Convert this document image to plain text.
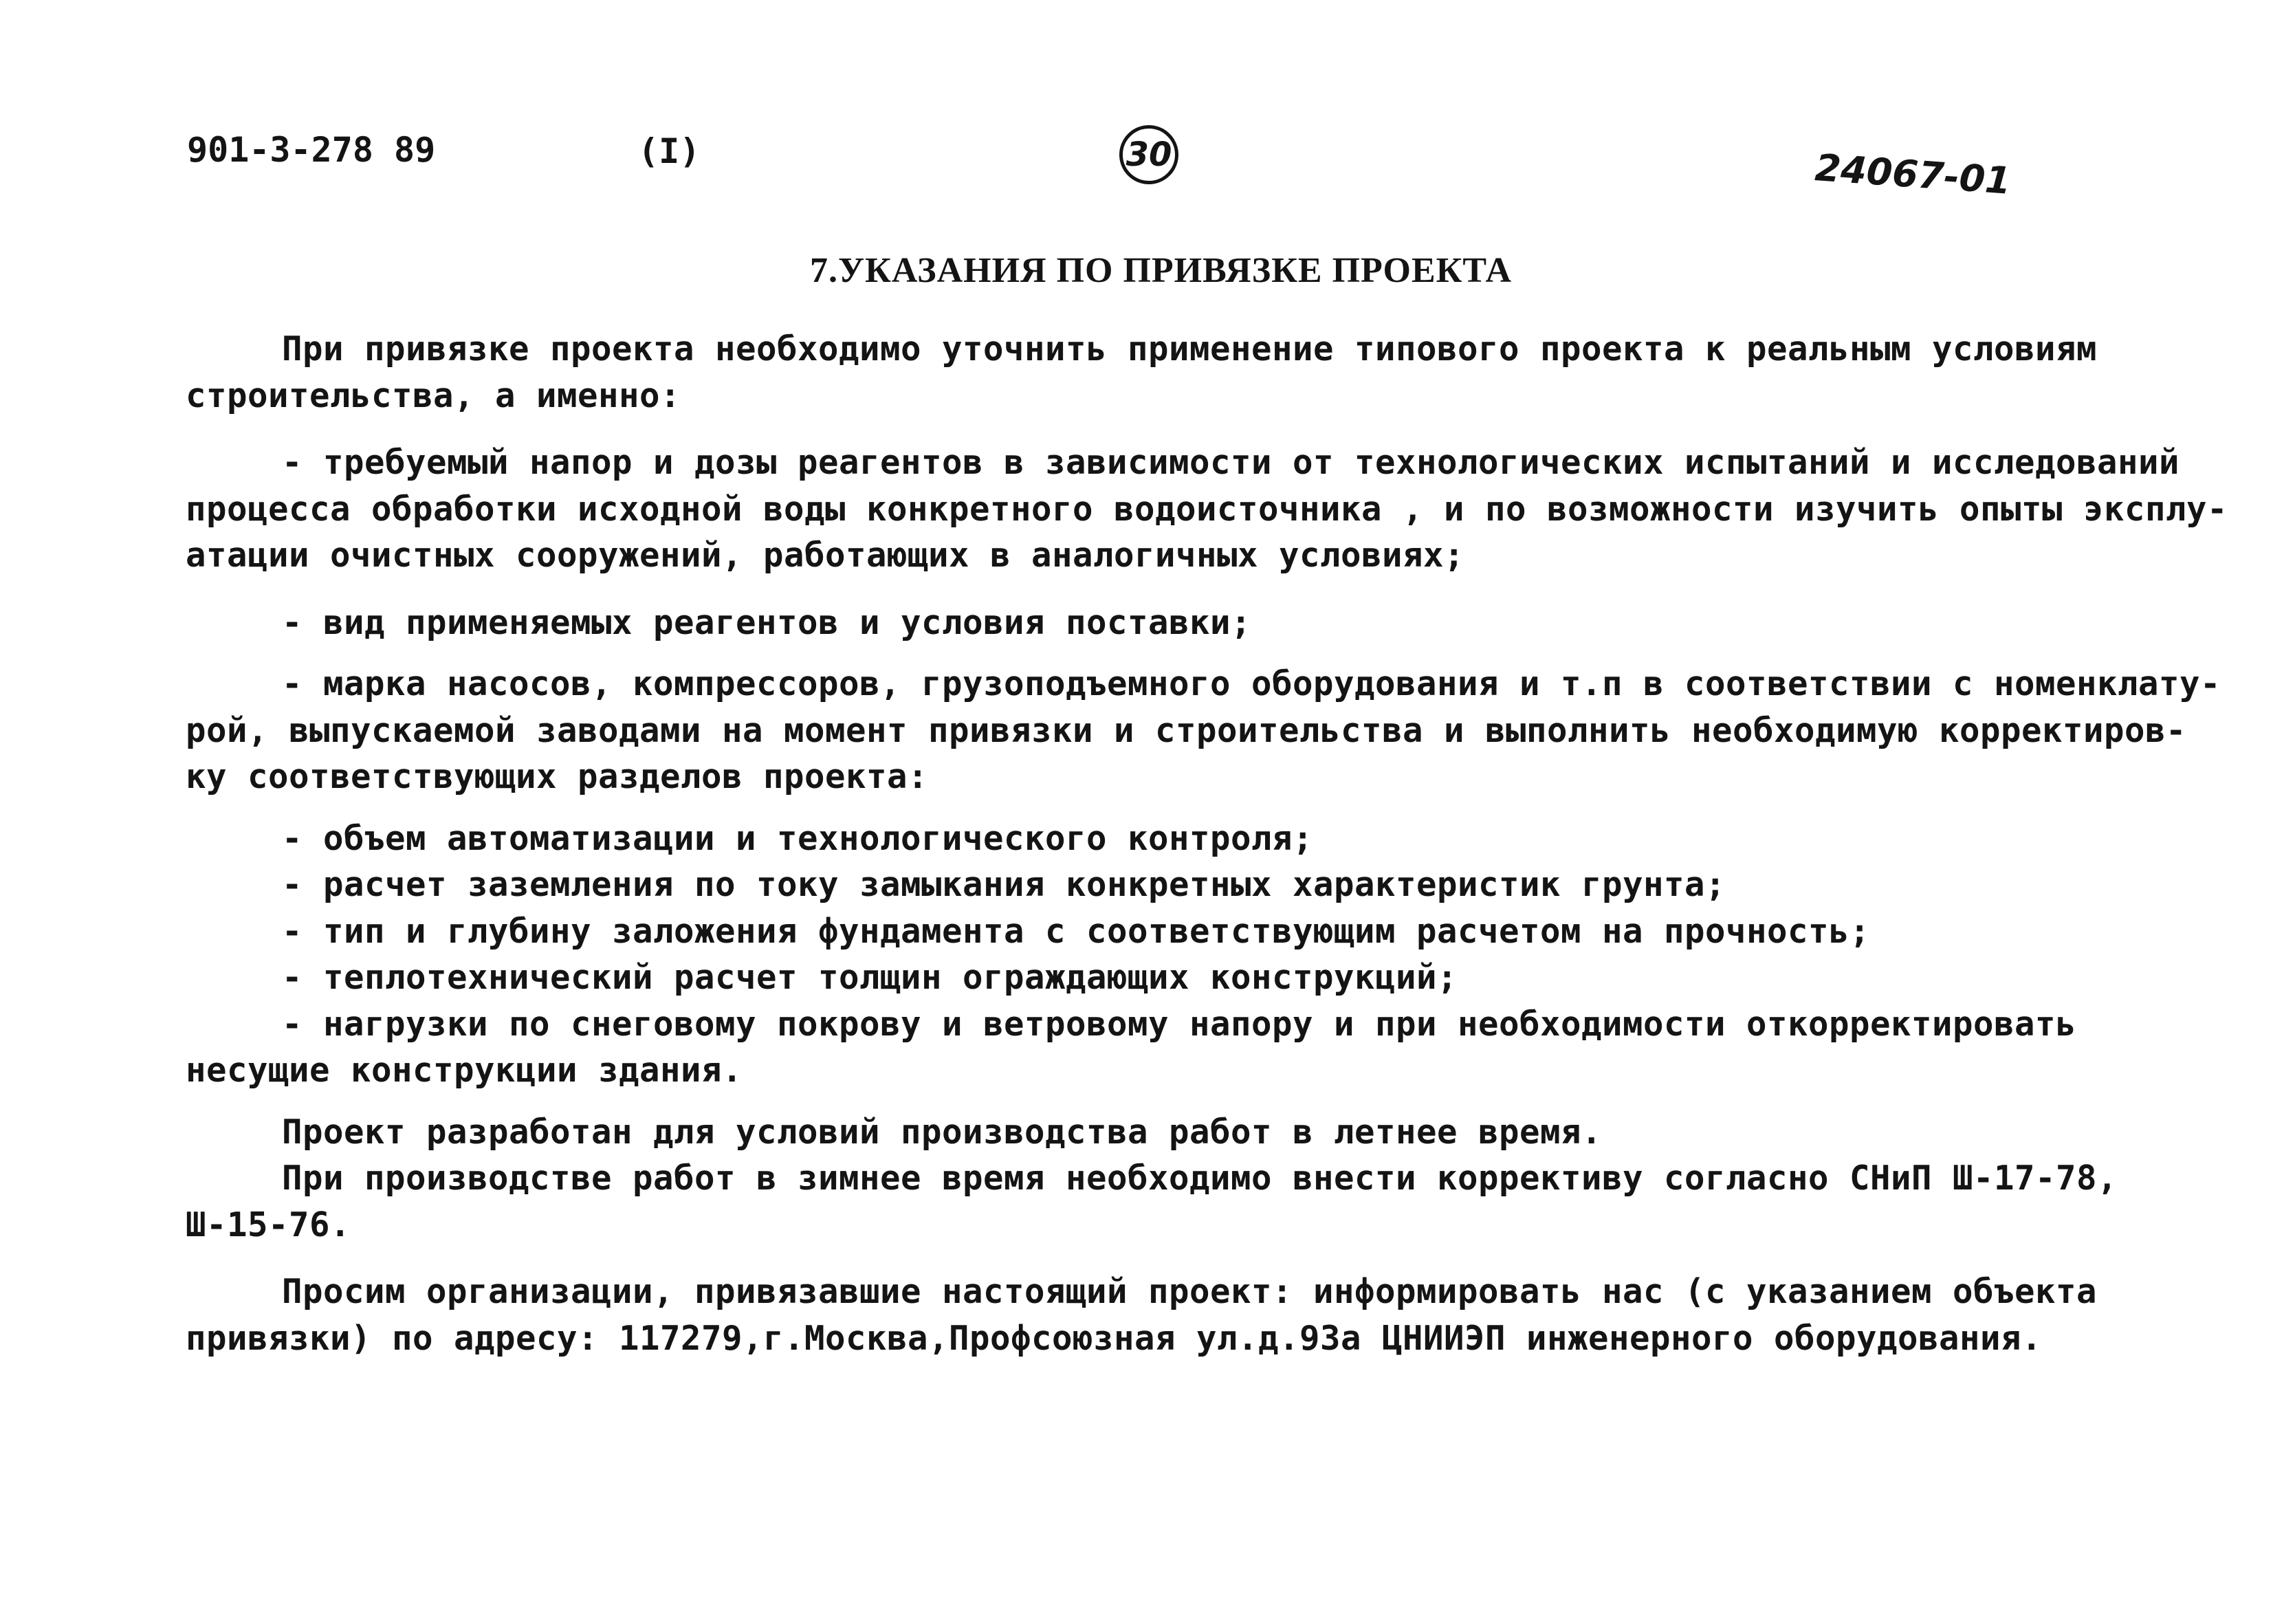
901-3-278 89	(I)	30	24067-01
7.УКАЗАНИЯ ПО ПРИВЯЗКЕ ПРОЕКТА
При привязке проекта необходимо уточнить применение типового проекта к реальным условиям
строительства, а именно:
- требуемый напор и дозы реагентов в зависимости от технологических испытаний и исследований
процесса обработки исходной воды конкретного водоисточника , и по возможности изучить опыты эксплу-
атации очистных сооружений, работающих в аналогичных условиях;
- вид применяемых реагентов и условия поставки;
- марка насосов, компрессоров, грузоподъемного оборудования и т.п в соответствии с номенклату-
рой, выпускаемой заводами на момент привязки и строительства и выполнить необходимую корректиров-
ку соответствующих разделов проекта:
- объем автоматизации и технологического контроля;
- расчет заземления по току замыкания конкретных характеристик грунта;
- тип и глубину заложения фундамента с соответствующим расчетом на прочность;
- теплотехнический расчет толщин ограждающих конструкций;
- нагрузки по снеговому покрову и ветровому напору и при необходимости откорректировать
несущие конструкции здания.
Проект разработан для условий производства работ в летнее время.
При производстве работ в зимнее время необходимо внести коррективу согласно СНиП Ш-17-78,
Ш-15-76.
Просим организации, привязавшие настоящий проект: информировать нас (с указанием объекта
привязки) по адресу: 117279,г.Москва,Профсоюзная ул.д.93а ЦНИИЭП инженерного оборудования.
